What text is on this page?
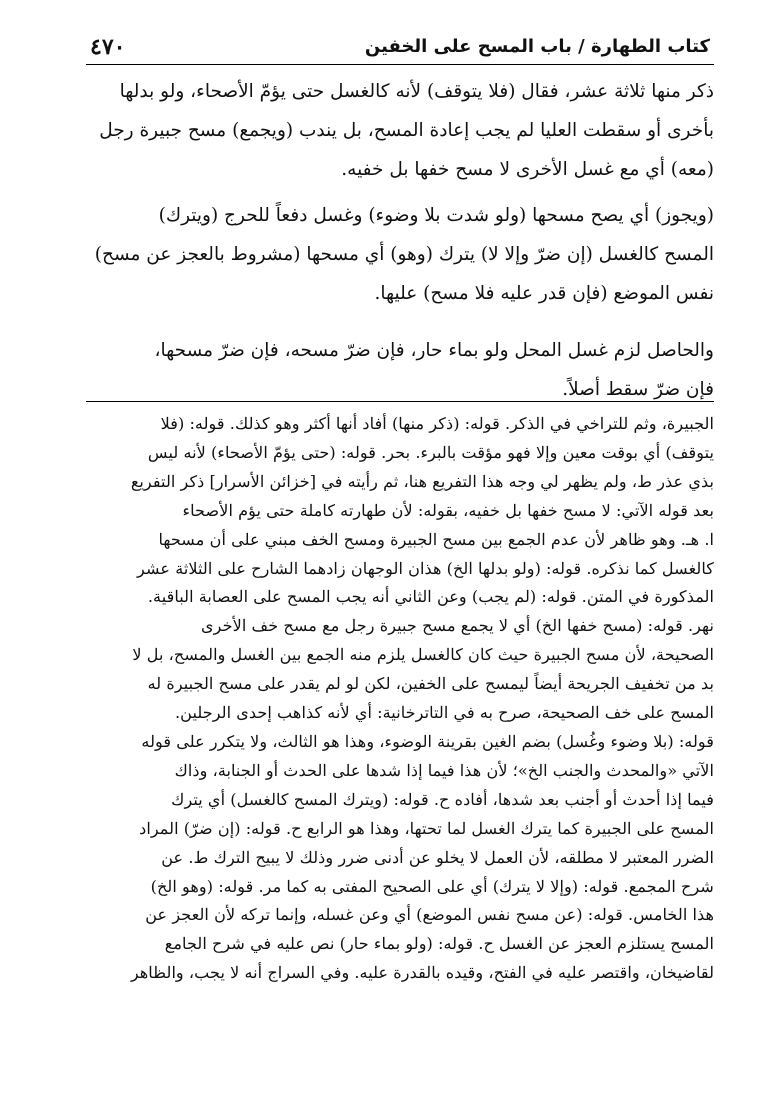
٤٧٠	كتاب الطهارة / باب المسح على الخفين
ذكر منها ثلاثة عشر، فقال (فلا يتوقف) لأنه كالغسل حتى يؤمّ الأصحاء، ولو بدلها
بأخرى أو سقطت العليا لم يجب إعادة المسح، بل يندب (ويجمع) مسح جبيرة رجل
(معه) أي مع غسل الأخرى لا مسح خفها بل خفيه.
(ويجوز) أي يصح مسحها (ولو شدت بلا وضوء) وغسل دفعاً للحرج (ويترك)
المسح كالغسل (إن ضرّ وإلا لا) يترك (وهو) أي مسحها (مشروط بالعجز عن مسح)
نفس الموضع (فإن قدر عليه فلا مسح) عليها.
والحاصل لزم غسل المحل ولو بماء حار، فإن ضرّ مسحه، فإن ضرّ مسحها،
فإن ضرّ سقط أصلاً.
الجبيرة، وثم للتراخي في الذكر. قوله: (ذكر منها) أفاد أنها أكثر وهو كذلك. قوله: (فلا
يتوقف) أي بوقت معين وإلا فهو مؤقت بالبرء. بحر. قوله: (حتى يؤمّ الأصحاء) لأنه ليس
بذي عذر ط، ولم يظهر لي وجه هذا التفريع هنا، ثم رأيته في [خزائن الأسرار] ذكر التفريع
بعد قوله الآتي: لا مسح خفها بل خفيه، بقوله: لأن طهارته كاملة حتى يؤم الأصحاء
ا. هـ. وهو ظاهر لأن عدم الجمع بين مسح الجبيرة ومسح الخف مبني على أن مسحها
كالغسل كما نذكره. قوله: (ولو بدلها الخ) هذان الوجهان زادهما الشارح على الثلاثة عشر
المذكورة في المتن. قوله: (لم يجب) وعن الثاني أنه يجب المسح على العصابة الباقية.
نهر. قوله: (مسح خفها الخ) أي لا يجمع مسح جبيرة رجل مع مسح خف الأخرى
الصحيحة، لأن مسح الجبيرة حيث كان كالغسل يلزم منه الجمع بين الغسل والمسح، بل لا
بد من تخفيف الجريحة أيضاً ليمسح على الخفين، لكن لو لم يقدر على مسح الجبيرة له
المسح على خف الصحيحة، صرح به في التاترخانية: أي لأنه كذاهب إحدى الرجلين.
قوله: (بلا وضوء وغُسل) بضم الغين بقرينة الوضوء، وهذا هو الثالث، ولا يتكرر على قوله
الآتي «والمحدث والجنب الخ»؛ لأن هذا فيما إذا شدها على الحدث أو الجنابة، وذاك
فيما إذا أحدث أو أجنب بعد شدها، أفاده ح. قوله: (ويترك المسح كالغسل) أي يترك
المسح على الجبيرة كما يترك الغسل لما تحتها، وهذا هو الرابع ح. قوله: (إن ضرّ) المراد
الضرر المعتبر لا مطلقه، لأن العمل لا يخلو عن أدنى ضرر وذلك لا يبيح الترك ط. عن
شرح المجمع. قوله: (وإلا لا يترك) أي على الصحيح المفتى به كما مر. قوله: (وهو الخ)
هذا الخامس. قوله: (عن مسح نفس الموضع) أي وعن غسله، وإنما تركه لأن العجز عن
المسح يستلزم العجز عن الغسل ح. قوله: (ولو بماء حار) نص عليه في شرح الجامع
لقاضيخان، واقتصر عليه في الفتح، وقيده بالقدرة عليه. وفي السراج أنه لا يجب، والظاهر
